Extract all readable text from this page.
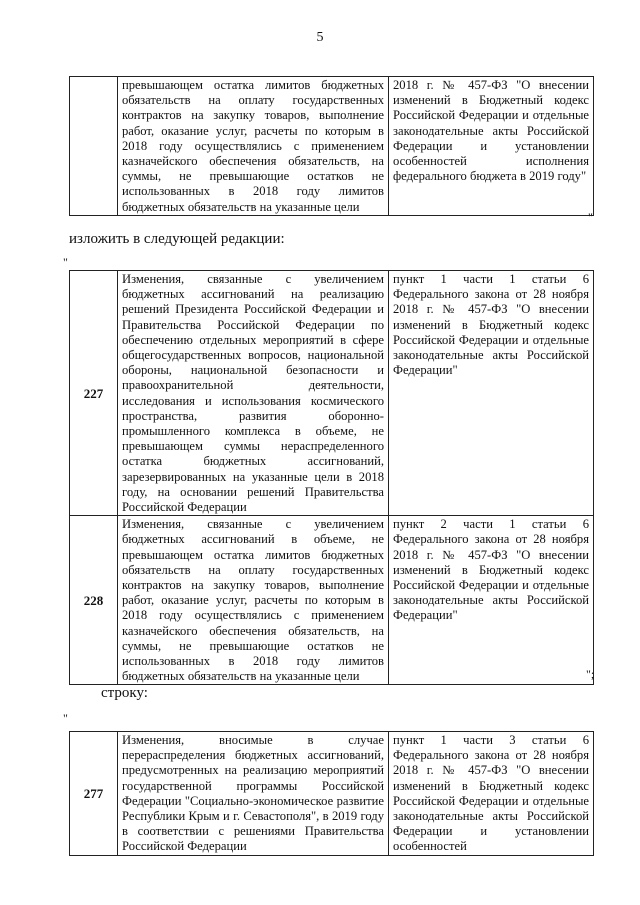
5
	превышающем остатка лимитов бюджетных обязательств на оплату государственных контрактов на закупку товаров, выполнение работ, оказание услуг, расчеты по которым в 2018 году осуществлялись с применением казначейского обеспечения обязательств, на суммы, не превышающие остатков не использованных в 2018 году лимитов бюджетных обязательств на указанные цели	2018 г. № 457-ФЗ "О внесении изменений в Бюджетный кодекс Российской Федерации и отдельные законодательные акты Российской Федерации и установлении особенностей исполнения федерального бюджета в 2019 году"
"
изложить в следующей редакции:
"
227	Изменения, связанные с увеличением бюджетных ассигнований на реализацию решений Президента Российской Федерации и Правительства Российской Федерации по обеспечению отдельных мероприятий в сфере общегосударственных вопросов, национальной обороны, национальной безопасности и правоохранительной деятельности, исследования и использования космического пространства, развития оборонно-промышленного комплекса в объеме, не превышающем суммы нераспределенного остатка бюджетных ассигнований, зарезервированных на указанные цели в 2018 году, на основании решений Правительства Российской Федерации	пункт 1 части 1 статьи 6 Федерального закона от 28 ноября 2018 г. № 457-ФЗ "О внесении изменений в Бюджетный кодекс Российской Федерации и отдельные законодательные акты Российской Федерации"
228	Изменения, связанные с увеличением бюджетных ассигнований в объеме, не превышающем остатка лимитов бюджетных обязательств на оплату государственных контрактов на закупку товаров, выполнение работ, оказание услуг, расчеты по которым в 2018 году осуществлялись с применением казначейского обеспечения обязательств, на суммы, не превышающие остатков не использованных в 2018 году лимитов бюджетных обязательств на указанные цели	пункт 2 части 1 статьи 6 Федерального закона от 28 ноября 2018 г. № 457-ФЗ "О внесении изменений в Бюджетный кодекс Российской Федерации и отдельные законодательные акты Российской Федерации"
";
строку:
"
277	Изменения, вносимые в случае перераспределения бюджетных ассигнований, предусмотренных на реализацию мероприятий государственной программы Российской Федерации "Социально-экономическое развитие Республики Крым и г. Севастополя", в 2019 году в соответствии с решениями Правительства Российской Федерации	пункт 1 части 3 статьи 6 Федерального закона от 28 ноября 2018 г. № 457-ФЗ "О внесении изменений в Бюджетный кодекс Российской Федерации и отдельные законодательные акты Российской Федерации и установлении особенностей
